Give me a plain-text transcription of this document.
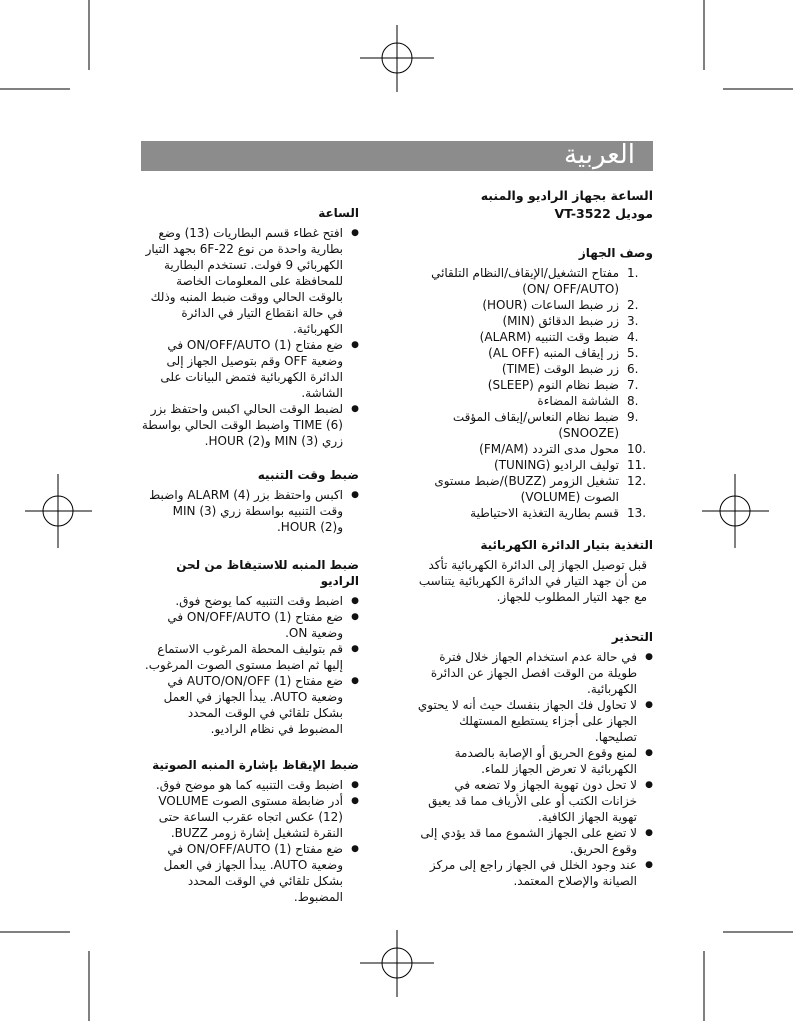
العربية
الساعة بجهاز الراديو والمنبه
موديل VT-3522
وصف الجهاز
1.
مفتاح التشغيل/الإيقاف/النظام التلقائي (ON/ OFF/AUTO)
2.
زر ضبط الساعات (HOUR)
3.
زر ضبط الدقائق (MIN)
4.
ضبط وقت التنبيه (ALARM)
5.
زر إيقاف المنبه (AL OFF)
6.
زر ضبط الوقت (TIME)
7.
ضبط نظام النوم (SLEEP)
8.
الشاشة المضاءة
9.
ضبط نظام النعاس/إيقاف المؤقت (SNOOZE)
10.
محول مدى التردد (FM/AM)
11.
توليف الراديو (TUNING)
12.
تشغيل الزومر (BUZZ)/ضبط مستوى الصوت (VOLUME)
13.
قسم بطارية التغذية الاحتياطية
التغذية بتيار الدائرة الكهربائية
قبل توصيل الجهاز إلى الدائرة الكهربائية تأكد من أن جهد التيار في الدائرة الكهربائية يتناسب مع جهد التيار المطلوب للجهاز.
التحذير
● في حالة عدم استخدام الجهاز خلال فترة طويلة من الوقت افصل الجهاز عن الدائرة الكهربائية.
● لا تحاول فك الجهاز بنفسك حيث أنه لا يحتوي الجهاز على أجزاء يستطيع المستهلك تصليحها.
● لمنع وقوع الحريق أو الإصابة بالصدمة الكهربائية لا تعرض الجهاز للماء.
● لا تحل دون تهوية الجهاز ولا تضعه في خزانات الكتب أو على الأرياف مما قد يعيق تهوية الجهاز الكافية.
● لا تضع على الجهاز الشموع مما قد يؤدي إلى وقوع الحريق.
● عند وجود الخلل في الجهاز راجع إلى مركز الصيانة والإصلاح المعتمد.
الساعة
● افتح غطاء قسم البطاريات (13) وضع بطارية واحدة من نوع 6F-22 بجهد التيار الكهربائي 9 فولت. تستخدم البطارية للمحافظة على المعلومات الخاصة بالوقت الحالي ووقت ضبط المنبه وذلك في حالة انقطاع التيار في الدائرة الكهربائية.
● ضع مفتاح ON/OFF/AUTO (1) في وضعية OFF وقم بتوصيل الجهاز إلى الدائرة الكهربائية فتمض البيانات على الشاشة.
● لضبط الوقت الحالي اكبس واحتفظ بزر TIME (6) واضبط الوقت الحالي بواسطة زري MIN (3) وHOUR (2).
ضبط وقت التنبيه
● اكبس واحتفظ بزر ALARM (4) واضبط وقت التنبيه بواسطة زري MIN (3) وHOUR (2).
ضبط المنبه للاستيقاظ من لحن الراديو
● اضبط وقت التنبيه كما يوضح فوق.
● ضع مفتاح ON/OFF/AUTO (1) في وضعية ON.
● قم بتوليف المحطة المرغوب الاستماع إليها ثم اضبط مستوى الصوت المرغوب.
● ضع مفتاح AUTO/ON/OFF (1) في وضعية AUTO. يبدأ الجهاز في العمل بشكل تلقائي في الوقت المحدد المضبوط في نظام الراديو.
ضبط الإيقاظ بإشارة المنبه الصوتية
● اضبط وقت التنبيه كما هو موضح فوق.
● أدر ضابطة مستوى الصوت VOLUME (12) عكس اتجاه عقرب الساعة حتى النقرة لتشغيل إشارة زومر BUZZ.
● ضع مفتاح ON/OFF/AUTO (1) في وضعية AUTO. يبدأ الجهاز في العمل بشكل تلقائي في الوقت المحدد المضبوط.
